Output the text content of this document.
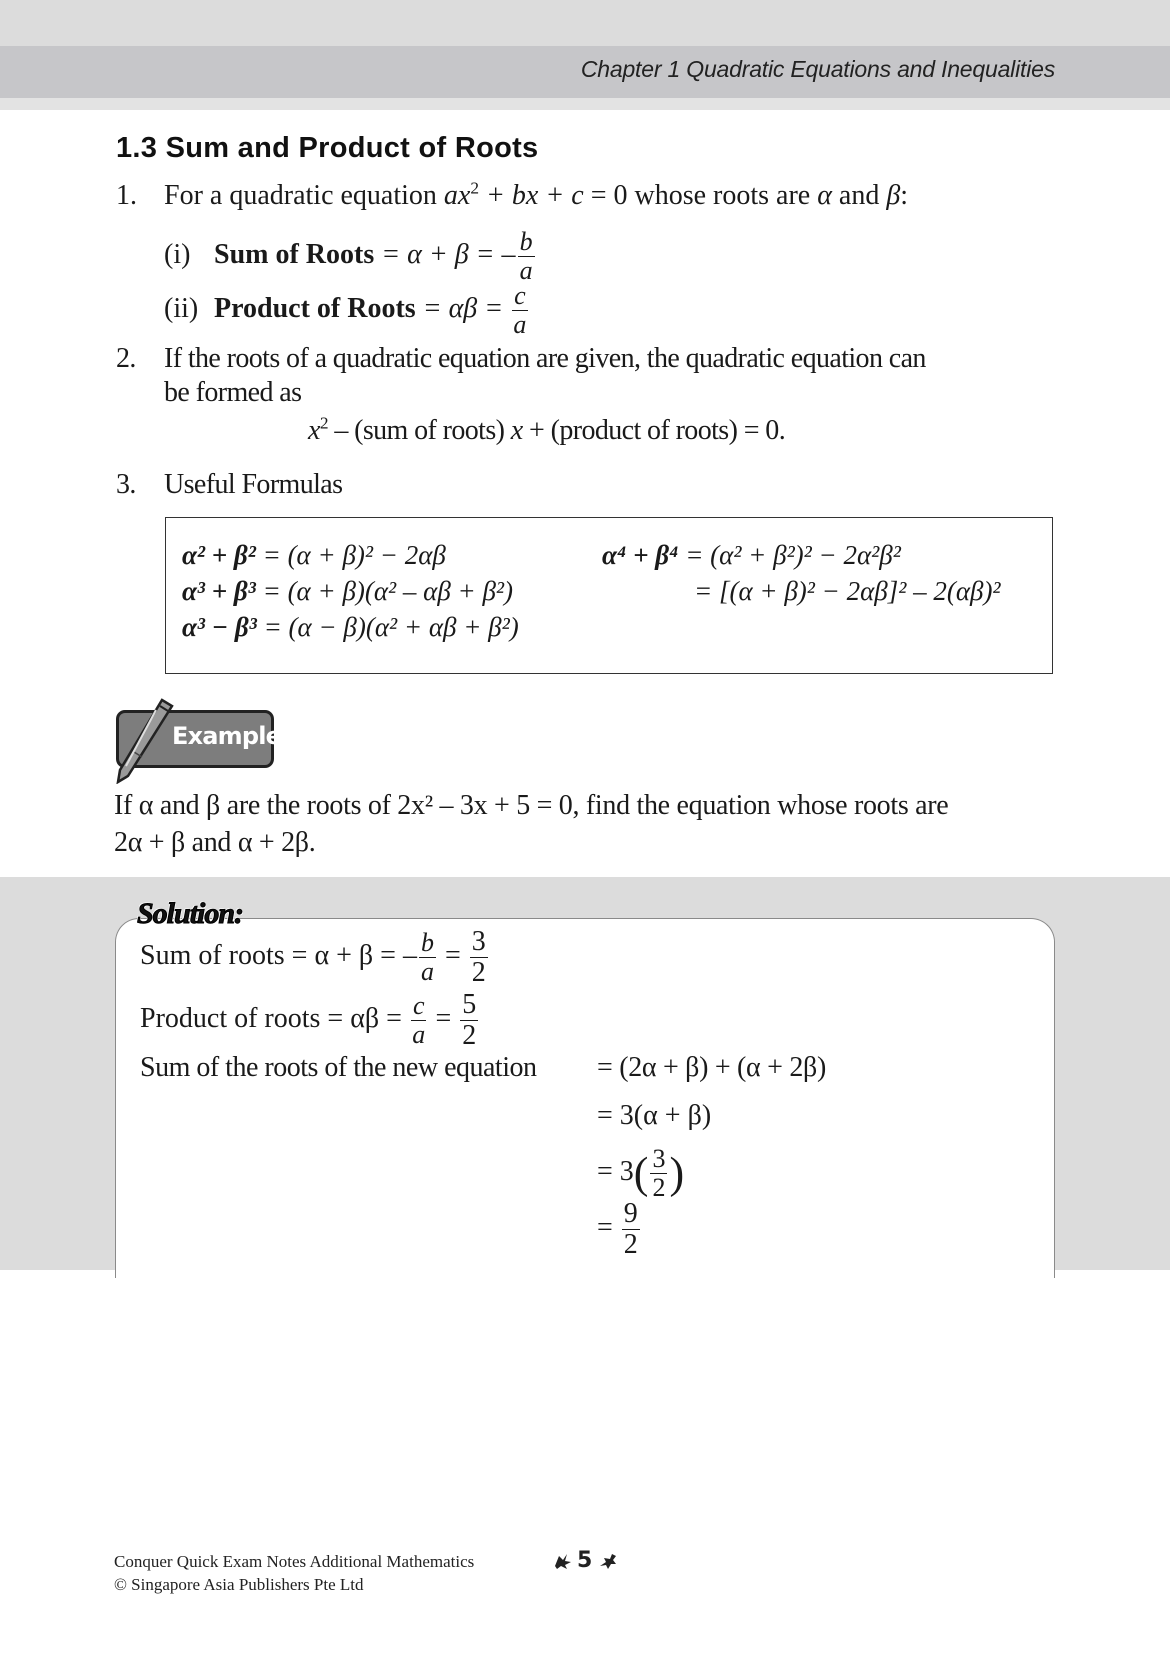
Chapter 1 Quadratic Equations and Inequalities
1.3 Sum and Product of Roots
1. For a quadratic equation $ax^2$ + bx + c = 0 whose roots are α and β:
(i) Sum of Roots = α + β = – $\frac{b}{a}$
(ii) Product of Roots = $\alpha\beta = \frac{c}{a}$
2. If the roots of a quadratic equation are given, the quadratic equation can
be formed as
$x^2 - (sum$ of roots) x + (product of roots) = 0.
3. Useful Formulas
α² + β² = (α + β)² − 2αβ
α³ + β³ = (α + β)(α² – αβ + β²)
α³ − β³ = (α − β)(α² + αβ + β²)
α⁴ + β⁴ = (α² + β²)² − 2α²β²
= [(α + β)² − 2αβ]² – 2(αβ)²
Example
If α and β are the roots of 2x² – 3x + 5 = 0, find the equation whose roots are
2α + β and α + 2β.
Solution:
Sum of roots = α + β = – $\frac{b}{a} = \frac{3}{2}$
Product of roots = $\alpha\beta = \frac{c}{a} = \frac{5}{2}$
Sum of the roots of the new equation = (2α + β) + (α + 2β)
= 3(α + β)
= $3( \frac{3}{2}$ )
= $\frac{9}{2}$
Conquer Quick Exam Notes Additional Mathematics
© Singapore Asia Publishers Pte Ltd
5
